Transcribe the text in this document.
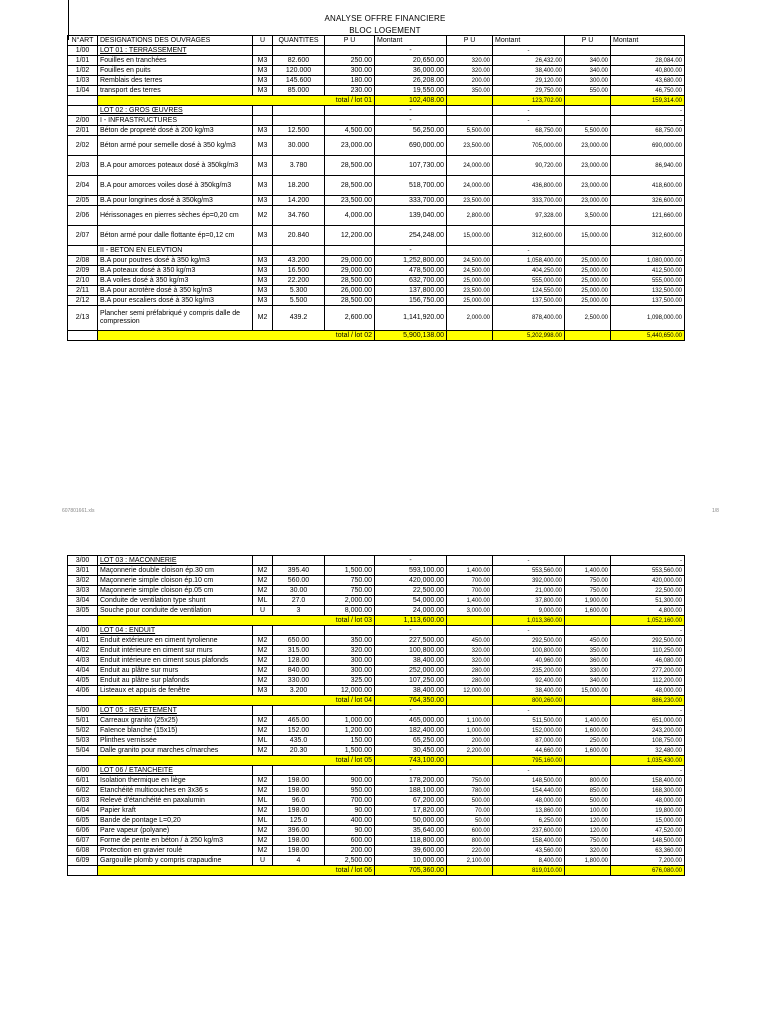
ANALYSE OFFRE FINANCIERE
BLOC LOGEMENT
N°ART	DESIGNATIONS DES OUVRAGES	U	QUANTITES	P U	Montant	P U	Montant	P U	Montant
1/00	LOT 01 : TERRASSEMENT				-		-		
1/01	Fouilles en tranchées	M3	82.600	250.00	20,650.00	320.00	26,432.00	340.00	28,084.00
1/02	Fouilles en puits	M3	120.000	300.00	36,000.00	320.00	38,400.00	340.00	40,800.00
1/03	Remblais des terres	M3	145.600	180.00	26,208.00	200.00	29,120.00	300.00	43,680.00
1/04	transport des terres	M3	85.000	230.00	19,550.00	350.00	29,750.00	550.00	46,750.00
	total / lot 01				102,408.00		123,702.00		159,314.00
	LOT 02 : GROS ŒUVRES				-		-		-
2/00	I - INFRASTRUCTURES				-		-		-
2/01	Béton de propreté dosé à 200 kg/m3	M3	12.500	4,500.00	56,250.00	5,500.00	68,750.00	5,500.00	68,750.00
2/02	Béton armé pour semelle dosé à 350 kg/m3	M3	30.000	23,000.00	690,000.00	23,500.00	705,000.00	23,000.00	690,000.00
2/03	B.A pour amorces poteaux dosé à 350kg/m3	M3	3.780	28,500.00	107,730.00	24,000.00	90,720.00	23,000.00	86,940.00
2/04	B.A pour amorces voiles dosé à 350kg/m3	M3	18.200	28,500.00	518,700.00	24,000.00	436,800.00	23,000.00	418,600.00
2/05	B.A pour longrines dosé à 350kg/m3	M3	14.200	23,500.00	333,700.00	23,500.00	333,700.00	23,000.00	326,600.00
2/06	Hérissonages en pierres sèches ép=0,20 cm	M2	34.760	4,000.00	139,040.00	2,800.00	97,328.00	3,500.00	121,660.00
2/07	Béton armé pour dalle flottante ép=0,12 cm	M3	20.840	12,200.00	254,248.00	15,000.00	312,600.00	15,000.00	312,600.00
	II - BETON EN ELEVTION				-		-		-
2/08	B.A pour poutres dosé à 350 kg/m3	M3	43.200	29,000.00	1,252,800.00	24,500.00	1,058,400.00	25,000.00	1,080,000.00
2/09	B.A poteaux dosé à 350 kg/m3	M3	16.500	29,000.00	478,500.00	24,500.00	404,250.00	25,000.00	412,500.00
2/10	B.A voiles dosé à 350 kg/m3	M3	22.200	28,500.00	632,700.00	25,000.00	555,000.00	25,000.00	555,000.00
2/11	B.A pour acrotère dosé à 350 kg/m3	M3	5.300	26,000.00	137,800.00	23,500.00	124,550.00	25,000.00	132,500.00
2/12	B.A pour escaliers dosé à 350 kg/m3	M3	5.500	28,500.00	156,750.00	25,000.00	137,500.00	25,000.00	137,500.00
2/13	Plancher semi préfabriqué y compris dalle de compression	M2	439.2	2,600.00	1,141,920.00	2,000.00	878,400.00	2,500.00	1,098,000.00
	total / lot 02				5,900,138.00		5,202,998.00		5,440,650.00
607801661.xls	1/8
3/00	LOT 03 : MACONNERIE				-		-		-
3/01	Maçonnerie double cloison ép.30 cm	M2	395.40	1,500.00	593,100.00	1,400.00	553,560.00	1,400.00	553,560.00
3/02	Maçonnerie simple cloison ép.10 cm	M2	560.00	750.00	420,000.00	700.00	392,000.00	750.00	420,000.00
3/03	Maçonnerie simple cloison ép.05 cm	M2	30.00	750.00	22,500.00	700.00	21,000.00	750.00	22,500.00
3/04	Conduite de ventilation type shunt	ML	27.0	2,000.00	54,000.00	1,400.00	37,800.00	1,900.00	51,300.00
3/05	Souche pour conduite de ventilation	U	3	8,000.00	24,000.00	3,000.00	9,000.00	1,600.00	4,800.00
	total / lot 03				1,113,600.00		1,013,360.00		1,052,160.00
4/00	LOT 04 : ENDUIT				-		-		-
4/01	Enduit extérieure en ciment tyrolienne	M2	650.00	350.00	227,500.00	450.00	292,500.00	450.00	292,500.00
4/02	Enduit intérieure en ciment sur murs	M2	315.00	320.00	100,800.00	320.00	100,800.00	350.00	110,250.00
4/03	Enduit intérieure en ciment sous plafonds	M2	128.00	300.00	38,400.00	320.00	40,960.00	360.00	46,080.00
4/04	Enduit au plâtre sur murs	M2	840.00	300.00	252,000.00	280.00	235,200.00	330.00	277,200.00
4/05	Enduit au plâtre sur plafonds	M2	330.00	325.00	107,250.00	280.00	92,400.00	340.00	112,200.00
4/06	Listeaux et appuis de fenêtre	M3	3.200	12,000.00	38,400.00	12,000.00	38,400.00	15,000.00	48,000.00
	total / lot 04				764,350.00		800,260.00		886,230.00
5/00	LOT 05 : REVETEMENT				-		-		-
5/01	Carreaux granito (25x25)	M2	465.00	1,000.00	465,000.00	1,100.00	511,500.00	1,400.00	651,000.00
5/02	Faïence blanche (15x15)	M2	152.00	1,200.00	182,400.00	1,000.00	152,000.00	1,600.00	243,200.00
5/03	Plinthes vernissée	ML	435.0	150.00	65,250.00	200.00	87,000.00	250.00	108,750.00
5/04	Dalle granito pour marches c/marches	M2	20.30	1,500.00	30,450.00	2,200.00	44,660.00	1,600.00	32,480.00
	total / lot 05				743,100.00		795,160.00		1,035,430.00
6/00	LOT 06 / ETANCHEITE				-		-		-
6/01	Isolation thermique en liège	M2	198.00	900.00	178,200.00	750.00	148,500.00	800.00	158,400.00
6/02	Etanchéité multicouches en 3x36 s	M2	198.00	950.00	188,100.00	780.00	154,440.00	850.00	168,300.00
6/03	Relevé d'étanchéité en paxalumin	ML	96.0	700.00	67,200.00	500.00	48,000.00	500.00	48,000.00
6/04	Papier kraft	M2	198.00	90.00	17,820.00	70.00	13,860.00	100.00	19,800.00
6/05	Bande de pontage L=0,20	ML	125.0	400.00	50,000.00	50.00	6,250.00	120.00	15,000.00
6/06	Pare vapeur (polyane)	M2	396.00	90.00	35,640.00	600.00	237,600.00	120.00	47,520.00
6/07	Forme de pente en béton / à 250 kg/m3	M2	198.00	600.00	118,800.00	800.00	158,400.00	750.00	148,500.00
6/08	Protection en gravier roulé	M2	198.00	200.00	39,600.00	220.00	43,560.00	320.00	63,360.00
6/09	Gargouille plomb y compris crapaudine	U	4	2,500.00	10,000.00	2,100.00	8,400.00	1,800.00	7,200.00
	total / lot 06				705,360.00		819,010.00		676,080.00
